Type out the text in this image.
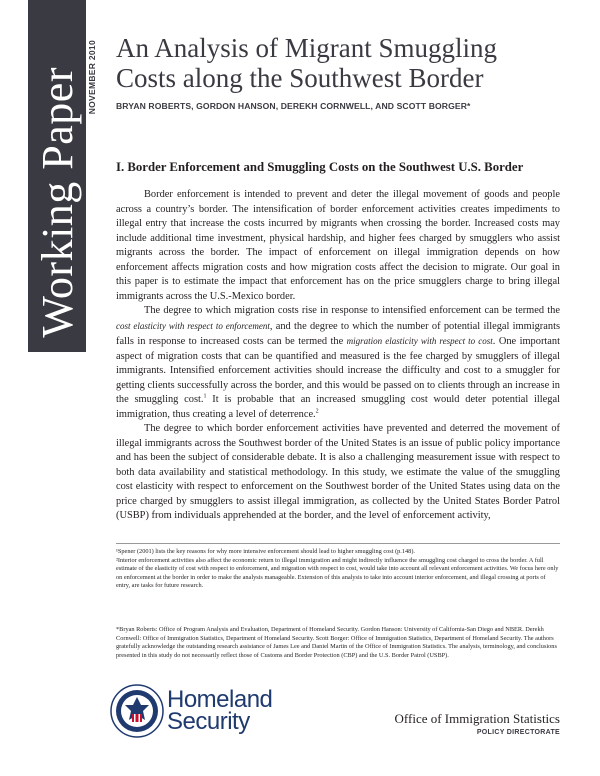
Working Paper NOVEMBER 2010 An Analysis of Migrant Smuggling
Costs along the Southwest Border

BRYAN ROBERTS, GORDON HANSON, DEREKH CORNWELL, AND SCOTT BORGER*

I. Border Enforcement and Smuggling Costs on the Southwest U.S. Border

Border enforcement is intended to prevent and deter the illegal movement of goods and people across a country’s border. The intensification of border enforcement activities creates impediments to illegal entry that increase the costs incurred by migrants when crossing the border. Increased costs may include additional time investment, physical hardship, and higher fees charged by smugglers who assist migrants across the border. The impact of enforcement on illegal immigration depends on how enforcement affects migration costs and how migration costs affect the decision to migrate. Our goal in this paper is to estimate the impact that enforcement has on the price smugglers charge to bring illegal immigrants across the U.S.-Mexico border.

The degree to which migration costs rise in response to intensified enforcement can be termed the cost elasticity with respect to enforcement, and the degree to which the number of potential illegal immigrants falls in response to increased costs can be termed the migration elasticity with respect to cost. One important aspect of migration costs that can be quantified and measured is the fee charged by smugglers of illegal immigrants. Intensified enforcement activities should increase the difficulty and cost to a smuggler for getting clients successfully across the border, and this would be passed on to clients through an increase in the smuggling cost.$^1$ It is probable that an increased smuggling cost would deter potential illegal immigration, thus creating a level of deterrence.$^2$

The degree to which border enforcement activities have prevented and deterred the movement of illegal immigrants across the Southwest border of the United States is an issue of public policy importance and has been the subject of considerable debate. It is also a challenging measurement issue with respect to both data availability and statistical methodology. In this study, we estimate the value of the smuggling cost elasticity with respect to enforcement on the Southwest border of the United States using data on the price charged by smugglers to assist illegal immigration, as collected by the United States Border Patrol (USBP) from individuals apprehended at the border, and the level of enforcement activity,

¹Spener (2001) lists the key reasons for why more intensive enforcement should lead to higher smuggling cost (p.148).

²Interior enforcement activities also affect the economic return to illegal immigration and might indirectly influence the smuggling cost charged to cross the border. A full estimate of the elasticity of cost with respect to enforcement, and migration with respect to cost, would take into account all relevant enforcement activities. We focus here only on enforcement at the border in order to make the analysis manageable. Extension of this analysis to take into account interior enforcement, and illegal crossing at ports of entry, are tasks for future research.

*Bryan Roberts: Office of Program Analysis and Evaluation, Department of Homeland Security. Gordon Hanson: University of California-San Diego and NBER. Derekh Cornwell: Office of Immigration Statistics, Department of Homeland Security. Scott Borger: Office of Immigration Statistics, Department of Homeland Security. The authors gratefully acknowledge the outstanding research assistance of James Lee and Daniel Martin of the Office of Immigration Statistics. The analysis, terminology, and conclusions presented in this study do not necessarily reflect those of Customs and Border Protection (CBP) and the U.S. Border Patrol (USBP).

Homeland
Security	Office of Immigration Statistics
POLICY DIRECTORATE
